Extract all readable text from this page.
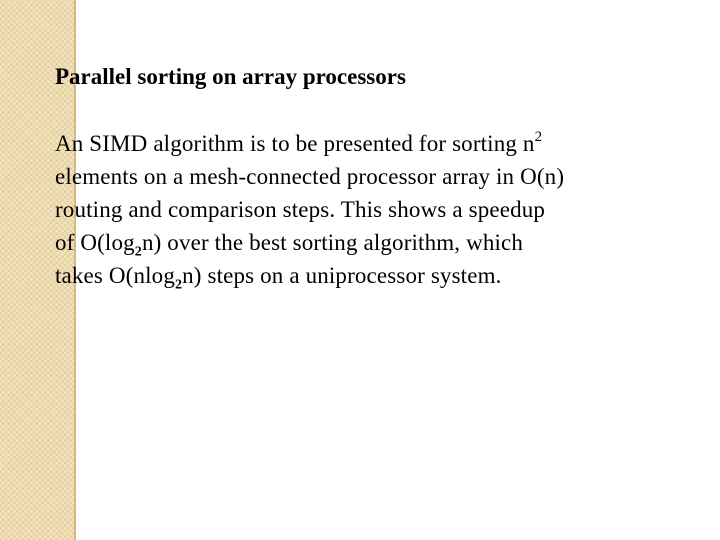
Parallel sorting on array processors
An SIMD algorithm is to be presented for sorting $n^2$
elements on a mesh-connected processor array in O(n)
routing and comparison steps. This shows a speedup
of $O(\log_2n)$ over the best sorting algorithm, which
takes O(nlog$_2$n) steps on a uniprocessor system.
